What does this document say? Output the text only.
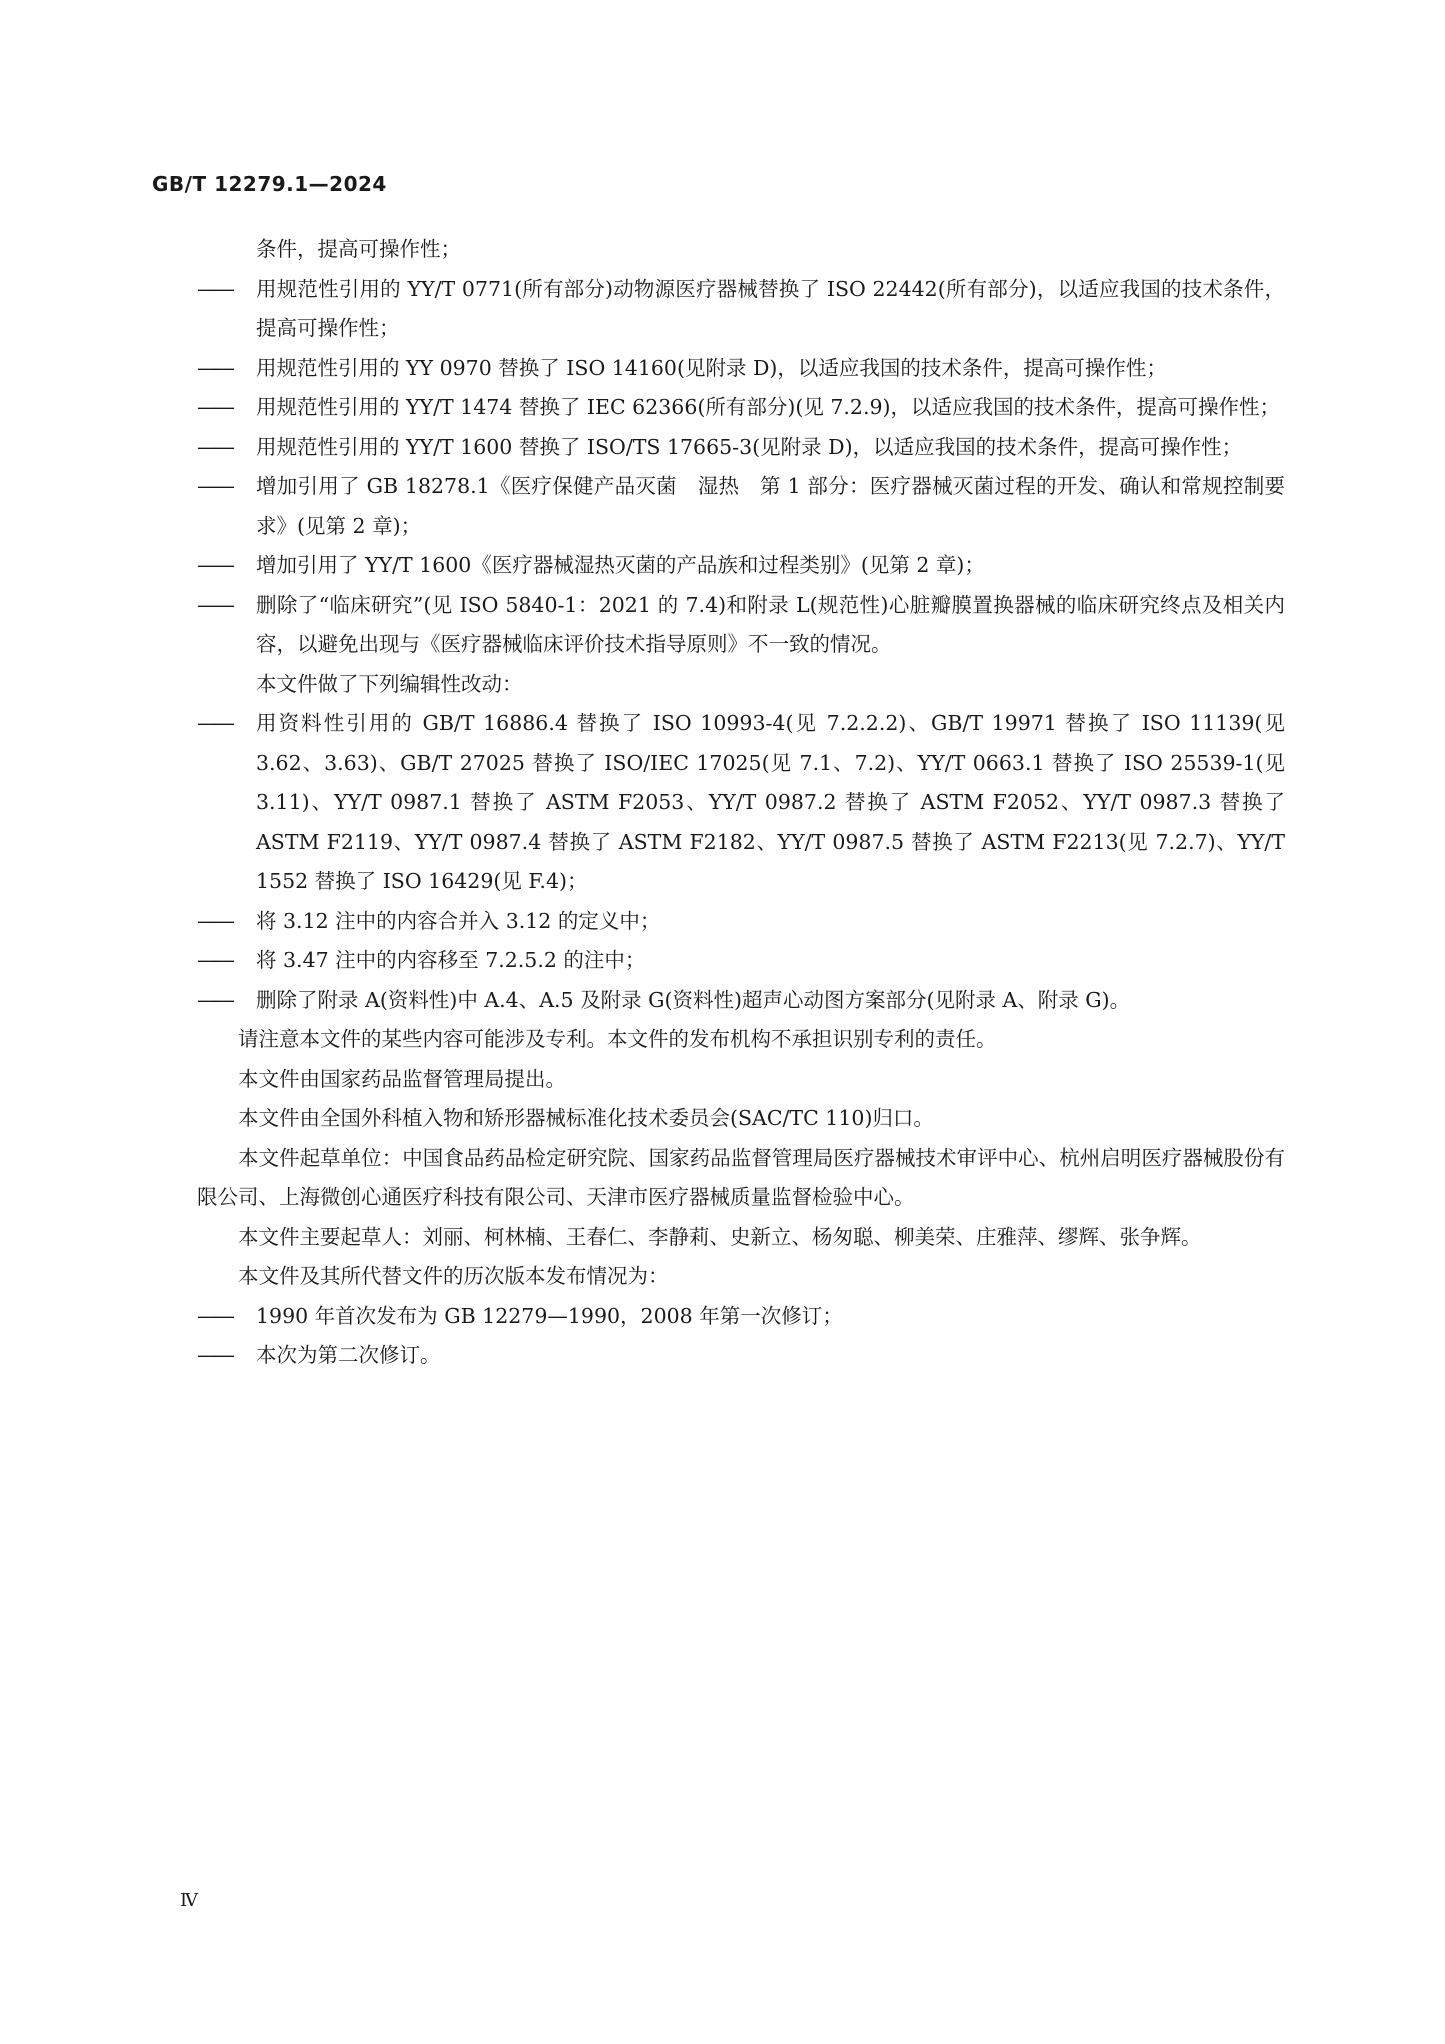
GB/T 12279.1—2024
条件，提高可操作性；
—— 用规范性引用的 YY/T 0771(所有部分)动物源医疗器械替换了 ISO 22442(所有部分)，以适应我国的技术条件，提高可操作性；
—— 用规范性引用的 YY 0970 替换了 ISO 14160(见附录 D)，以适应我国的技术条件，提高可操作性；
—— 用规范性引用的 YY/T 1474 替换了 IEC 62366(所有部分)(见 7.2.9)，以适应我国的技术条件，提高可操作性；
—— 用规范性引用的 YY/T 1600 替换了 ISO/TS 17665-3(见附录 D)，以适应我国的技术条件，提高可操作性；
—— 增加引用了 GB 18278.1《医疗保健产品灭菌　湿热　第 1 部分：医疗器械灭菌过程的开发、确认和常规控制要求》(见第 2 章)；
—— 增加引用了 YY/T 1600《医疗器械湿热灭菌的产品族和过程类别》(见第 2 章)；
—— 删除了“临床研究”(见 ISO 5840-1：2021 的 7.4)和附录 L(规范性)心脏瓣膜置换器械的临床研究终点及相关内容，以避免出现与《医疗器械临床评价技术指导原则》不一致的情况。
本文件做了下列编辑性改动：
—— 用资料性引用的 GB/T 16886.4 替换了 ISO 10993-4(见 7.2.2.2)、GB/T 19971 替换了 ISO 11139(见 3.62、3.63)、GB/T 27025 替换了 ISO/IEC 17025(见 7.1、7.2)、YY/T 0663.1 替换了 ISO 25539-1(见 3.11)、YY/T 0987.1 替换了 ASTM F2053、YY/T 0987.2 替换了 ASTM F2052、YY/T 0987.3 替换了 ASTM F2119、YY/T 0987.4 替换了 ASTM F2182、YY/T 0987.5 替换了 ASTM F2213(见 7.2.7)、YY/T 1552 替换了 ISO 16429(见 F.4)；
—— 将 3.12 注中的内容合并入 3.12 的定义中；
—— 将 3.47 注中的内容移至 7.2.5.2 的注中；
—— 删除了附录 A(资料性)中 A.4、A.5 及附录 G(资料性)超声心动图方案部分(见附录 A、附录 G)。
请注意本文件的某些内容可能涉及专利。本文件的发布机构不承担识别专利的责任。
本文件由国家药品监督管理局提出。
本文件由全国外科植入物和矫形器械标准化技术委员会(SAC/TC 110)归口。
本文件起草单位：中国食品药品检定研究院、国家药品监督管理局医疗器械技术审评中心、杭州启明医疗器械股份有限公司、上海微创心通医疗科技有限公司、天津市医疗器械质量监督检验中心。
本文件主要起草人：刘丽、柯林楠、王春仁、李静莉、史新立、杨匆聪、柳美荣、庄雅萍、缪辉、张争辉。
本文件及其所代替文件的历次版本发布情况为：
—— 1990 年首次发布为 GB 12279—1990，2008 年第一次修订；
—— 本次为第二次修订。
Ⅳ
